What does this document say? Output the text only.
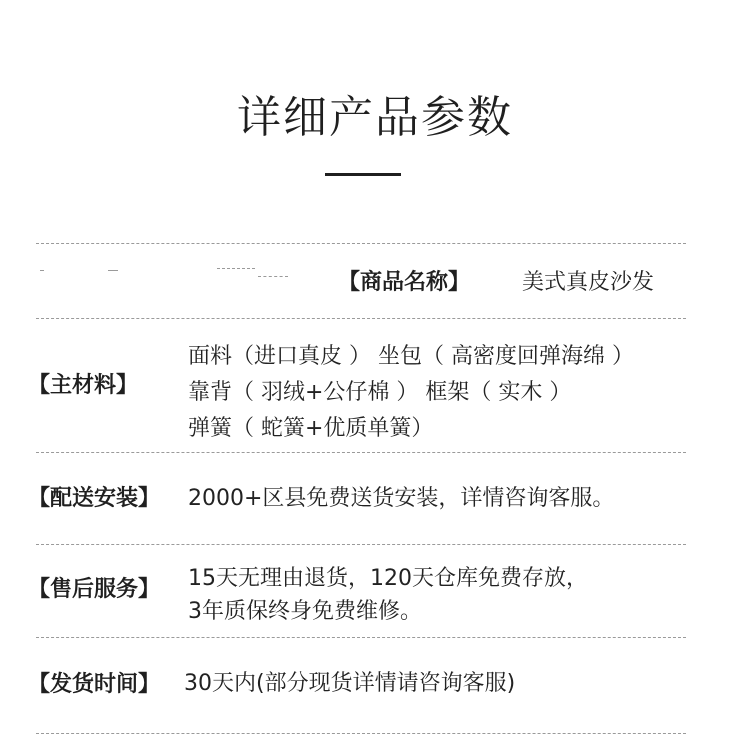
详细产品参数
【商品名称】 美式真皮沙发
【主材料】
面料（进口真皮 ） 坐包（ 高密度回弹海绵 ）
靠背（ 羽绒+公仔棉 ） 框架（ 实木 ）
弹簧（ 蛇簧+优质单簧）
【配送安装】 2000+区县免费送货安装，详情咨询客服。
【售后服务】 15天无理由退货，120天仓库免费存放，
3年质保终身免费维修。
【发货时间】 30天内(部分现货详情请咨询客服)
